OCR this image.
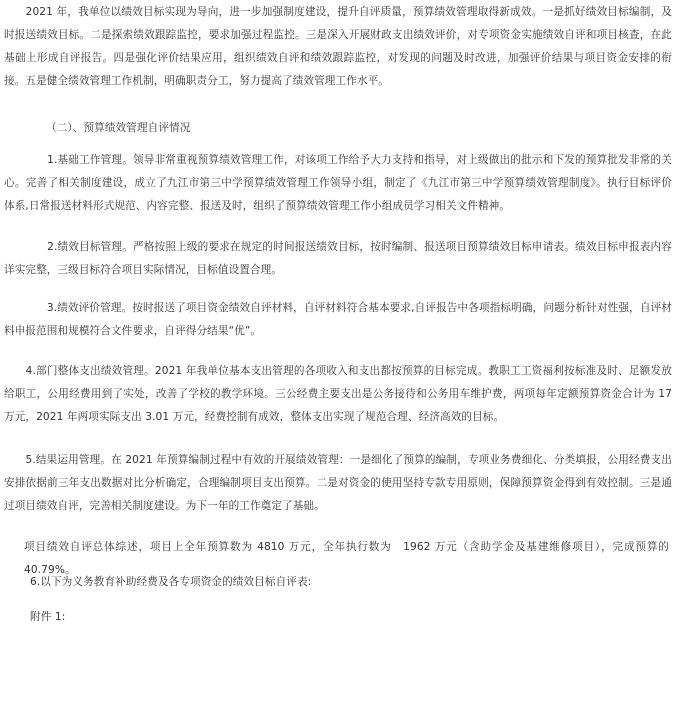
　　2021 年，我单位以绩效目标实现为导向，进一步加强制度建设，提升自评质量，预算绩效管理取得新成效。一是抓好绩效目标编制，及时报送绩效目标。二是探索绩效跟踪监控，要求加强过程监控。三是深入开展财政支出绩效评价，对专项资金实施绩效自评和项目核查，在此基础上形成自评报告。四是强化评价结果应用，组织绩效自评和绩效跟踪监控，对发现的问题及时改进，加强评价结果与项目资金安排的衔接。五是健全绩效管理工作机制，明确职责分工，努力提高了绩效管理工作水平。

（二）、预算绩效管理自评情况

　　　　1.基础工作管理。领导非常重视预算绩效管理工作，对该项工作给予大力支持和指导，对上级做出的批示和下发的预算批发非常的关心。完善了相关制度建设，成立了九江市第三中学预算绩效管理工作领导小组，制定了《九江市第三中学预算绩效管理制度》。执行目标评价体系,日常报送材料形式规范、内容完整、报送及时，组织了预算绩效管理工作小组成员学习相关文件精神。

　　　　2.绩效目标管理。严格按照上级的要求在规定的时间报送绩效目标，按时编制、报送项目预算绩效目标申请表。绩效目标申报表内容详实完整，三级目标符合项目实际情况，目标值设置合理。

　　　　3.绩效评价管理。按时报送了项目资金绩效自评材料，自评材料符合基本要求,自评报告中各项指标明确，问题分析针对性强，自评材料申报范围和规模符合文件要求，自评得分结果“优”。

　　4.部门整体支出绩效管理。2021 年我单位基本支出管理的各项收入和支出都按预算的目标完成。教职工工资福利按标准及时、足额发放给职工，公用经费用到了实处，改善了学校的教学环境。三公经费主要支出是公务接待和公务用车维护费，两项每年定额预算资金合计为 17 万元，2021 年两项实际支出 3.01 万元，经费控制有成效，整体支出实现了规范合理、经济高效的目标。

　　5.结果运用管理。在 2021 年预算编制过程中有效的开展绩效管理：一是细化了预算的编制，专项业务费细化、分类填报，公用经费支出安排依据前三年支出数据对比分析确定，合理编制项目支出预算。二是对资金的使用坚持专款专用原则，保障预算资金得到有效控制。三是通过项目绩效自评，完善相关制度建设。为下一年的工作奠定了基础。

项目绩效自评总体综述，项目上全年预算数为 4810 万元，全年执行数为　1962 万元（含助学金及基建维修项目），完成预算的 40.79%。

6.以下为义务教育补助经费及各专项资金的绩效目标自评表:

附件 1:
